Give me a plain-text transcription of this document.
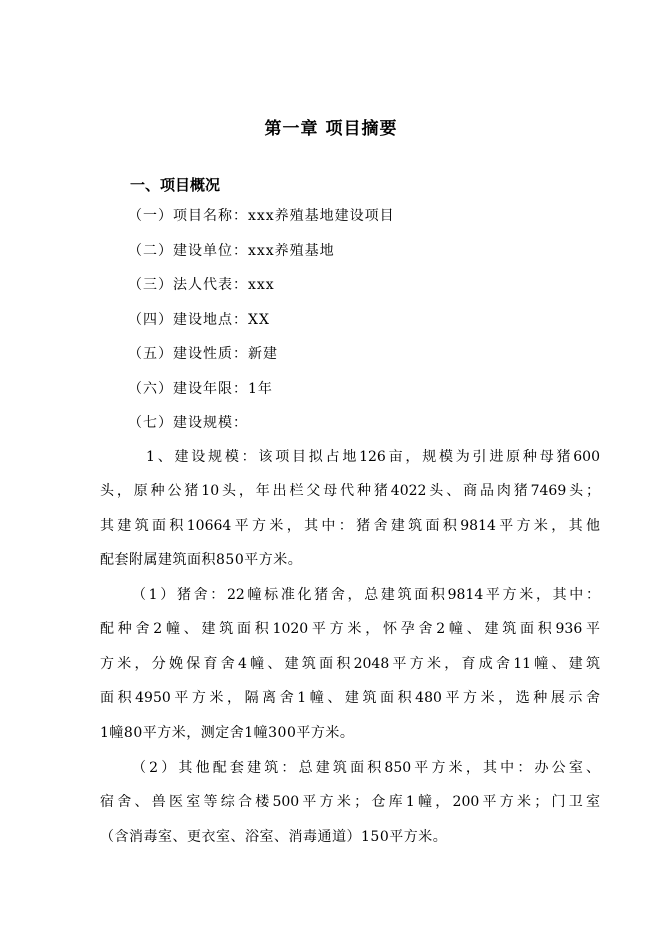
第一章 项目摘要
一、项目概况
（一）项目名称：xxx养殖基地建设项目
（二）建设单位：xxx养殖基地
（三）法人代表：xxx
（四）建设地点：XX
（五）建设性质：新建
（六）建设年限：1年
（七）建设规模：
1、建设规模：该项目拟占地126亩，规模为引进原种母猪600
头，原种公猪10头，年出栏父母代种猪4022头、商品肉猪7469头；
其建筑面积10664平方米，其中：猪舍建筑面积9814平方米，其他
配套附属建筑面积850平方米。
（1）猪舍：22幢标准化猪舍，总建筑面积9814平方米，其中：
配种舍2幢、建筑面积1020平方米，怀孕舍2幢、建筑面积936平
方米，分娩保育舍4幢、建筑面积2048平方米，育成舍11幢、建筑
面积4950平方米，隔离舍1幢、建筑面积480平方米，选种展示舍
1幢80平方米，测定舍1幢300平方米。
（2）其他配套建筑：总建筑面积850平方米，其中：办公室、
宿舍、兽医室等综合楼500平方米；仓库1幢，200平方米；门卫室
（含消毒室、更衣室、浴室、消毒通道）150平方米。
